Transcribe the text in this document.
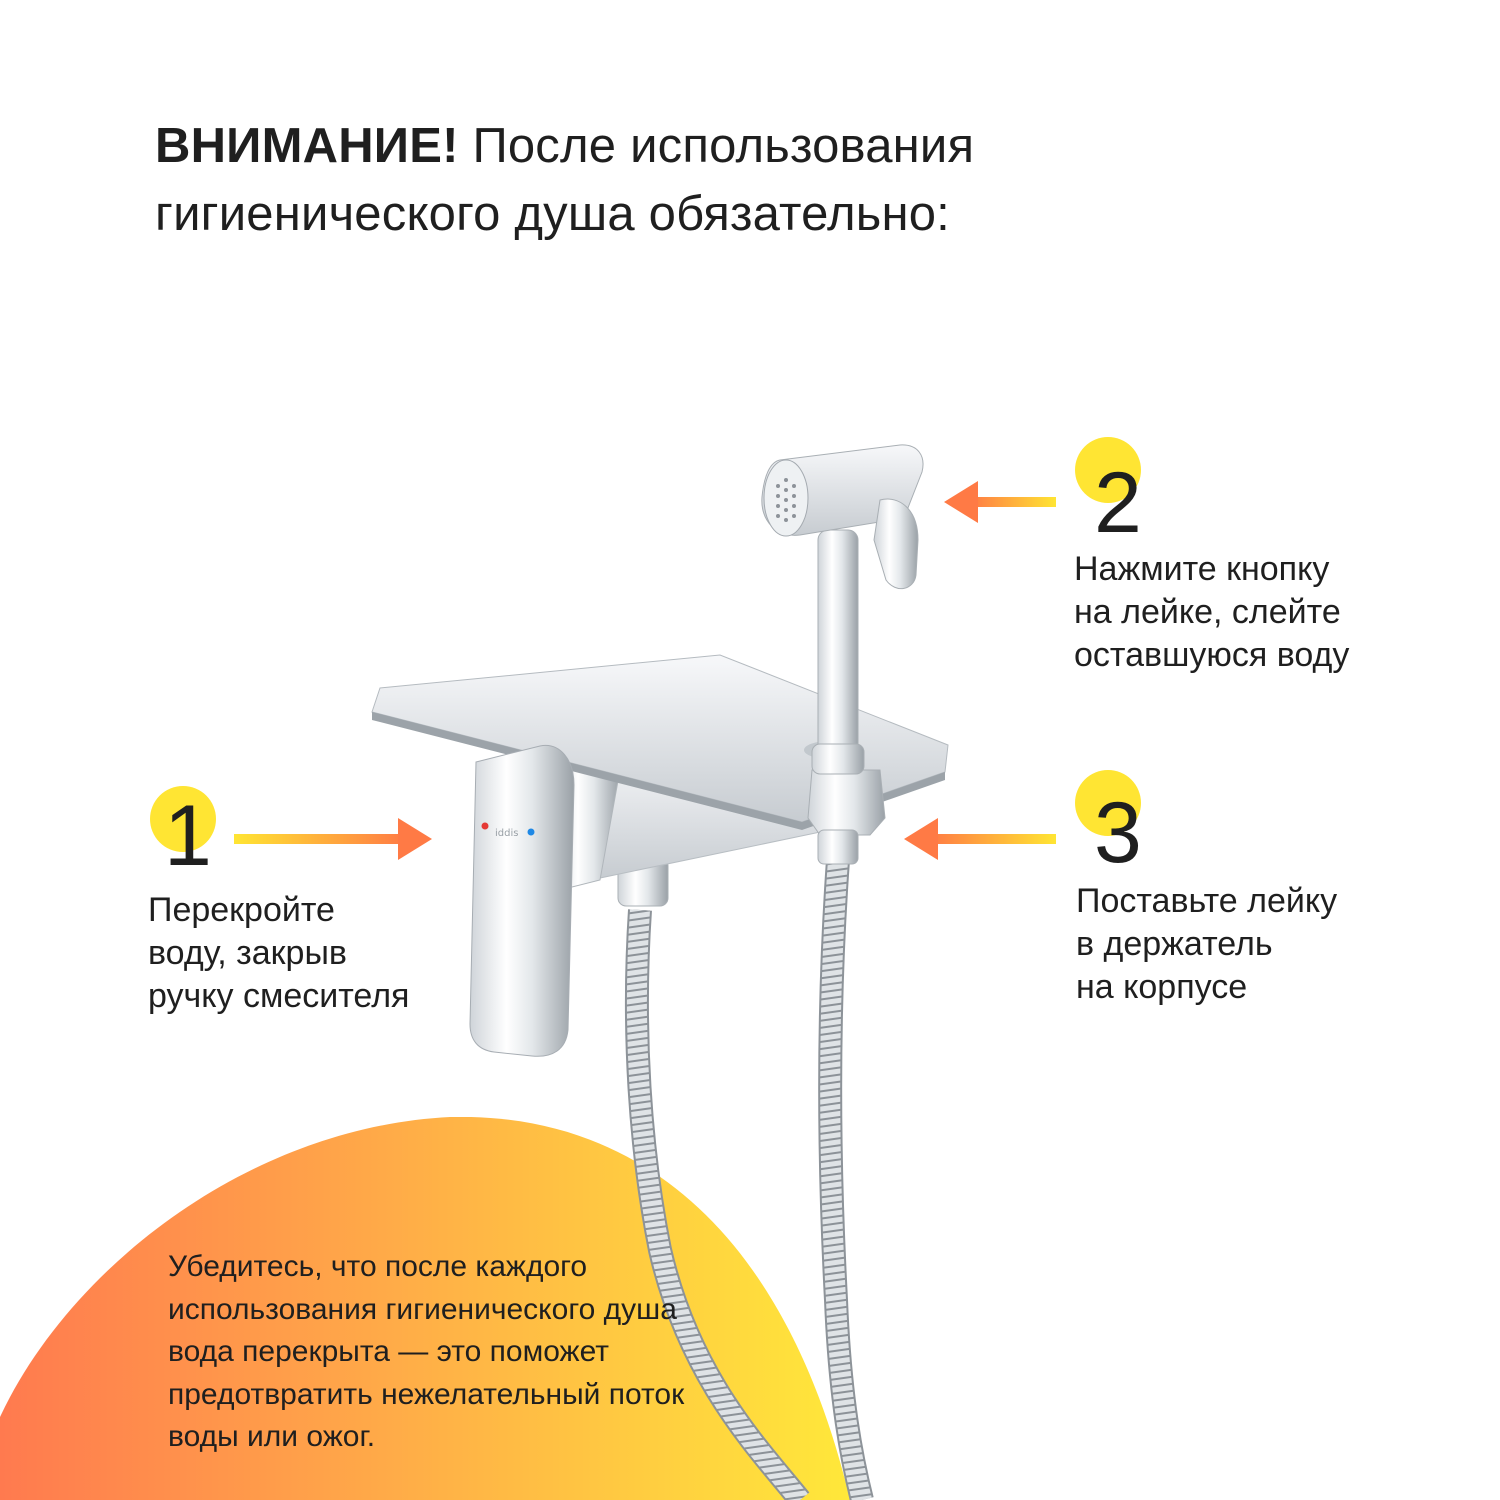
ВНИМАНИЕ! После использования
гигиенического душа обязательно:
iddis
1
Перекройте
воду, закрыв
ручку смесителя
2
Нажмите кнопку
на лейке, слейте
оставшуюся воду
3
Поставьте лейку
в держатель
на корпусе
Убедитесь, что после каждого
использования гигиенического душа
вода перекрыта — это поможет
предотвратить нежелательный поток
воды или ожог.
